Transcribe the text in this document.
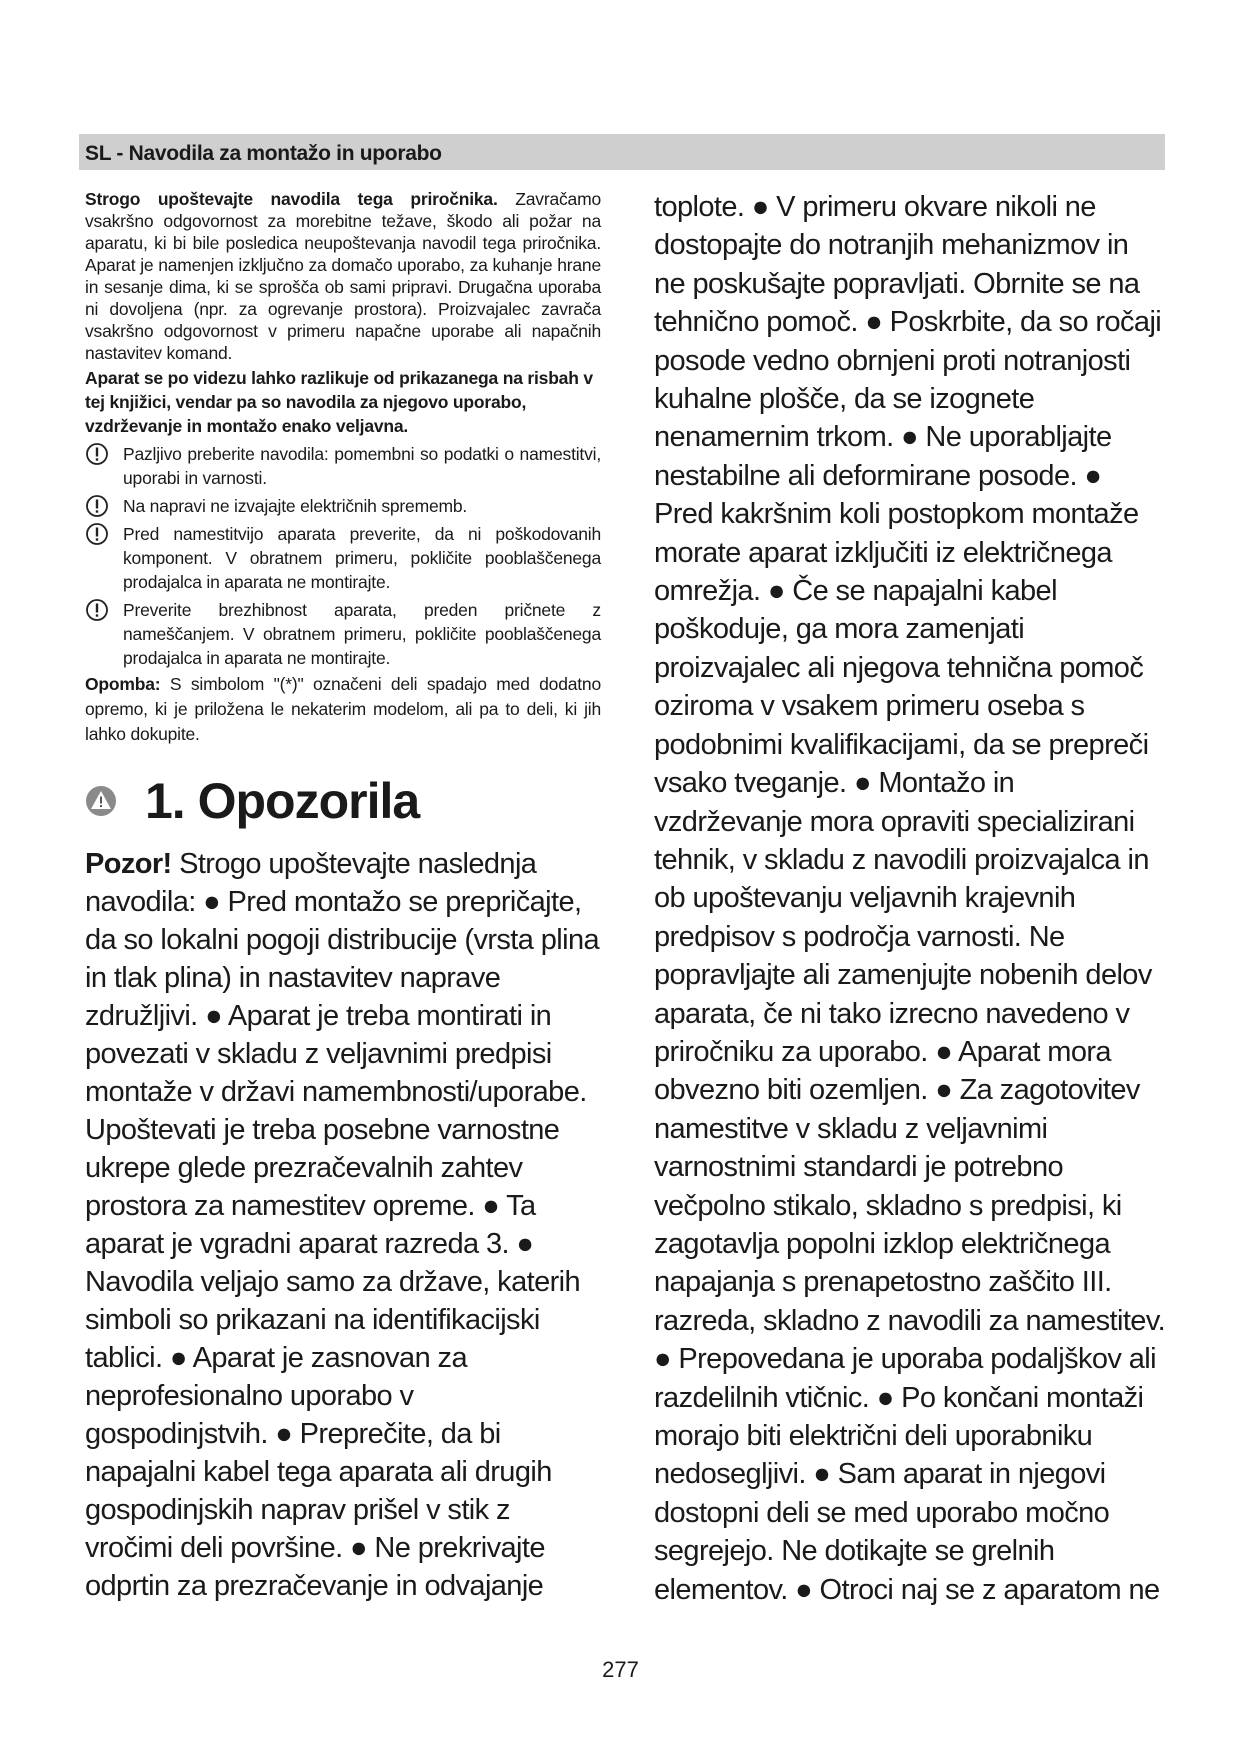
SL - Navodila za montažo in uporabo

Strogo upoštevajte navodila tega priročnika. Zavračamo vsakršno odgovornost za morebitne težave, škodo ali požar na aparatu, ki bi bile posledica neupoštevanja navodil tega priročnika. Aparat je namenjen izključno za domačo uporabo, za kuhanje hrane in sesanje dima, ki se sprošča ob sami pripravi. Drugačna uporaba ni dovoljena (npr. za ogrevanje prostora). Proizvajalec zavrača vsakršno odgovornost v primeru napačne uporabe ali napačnih nastavitev komand.

Aparat se po videzu lahko razlikuje od prikazanega na risbah v tej knjižici, vendar pa so navodila za njegovo uporabo, vzdrževanje in montažo enako veljavna.

Pazljivo preberite navodila: pomembni so podatki o namestitvi, uporabi in varnosti.

Na napravi ne izvajajte električnih sprememb.

Pred namestitvijo aparata preverite, da ni poškodovanih komponent. V obratnem primeru, pokličite pooblaščenega prodajalca in aparata ne montirajte.

Preverite brezhibnost aparata, preden pričnete z nameščanjem. V obratnem primeru, pokličite pooblaščenega prodajalca in aparata ne montirajte.

Opomba: S simbolom "(*)" označeni deli spadajo med dodatno opremo, ki je priložena le nekaterim modelom, ali pa to deli, ki jih lahko dokupite.

1. Opozorila

Pozor! Strogo upoštevajte naslednja navodila: ● Pred montažo se prepričajte, da so lokalni pogoji distribucije (vrsta plina in tlak plina) in nastavitev naprave združljivi. ● Aparat je treba montirati in povezati v skladu z veljavnimi predpisi montaže v državi namembnosti/uporabe. Upoštevati je treba posebne varnostne ukrepe glede prezračevalnih zahtev prostora za namestitev opreme. ● Ta aparat je vgradni aparat razreda 3. ● Navodila veljajo samo za države, katerih simboli so prikazani na identifikacijski tablici. ● Aparat je zasnovan za neprofesionalno uporabo v gospodinjstvih. ● Preprečite, da bi napajalni kabel tega aparata ali drugih gospodinjskih naprav prišel v stik z vročimi deli površine. ● Ne prekrivajte odprtin za prezračevanje in odvajanje

toplote. ● V primeru okvare nikoli ne dostopajte do notranjih mehanizmov in ne poskušajte popravljati. Obrnite se na tehnično pomoč. ● Poskrbite, da so ročaji posode vedno obrnjeni proti notranjosti kuhalne plošče, da se izognete nenamernim trkom. ● Ne uporabljajte nestabilne ali deformirane posode. ● Pred kakršnim koli postopkom montaže morate aparat izključiti iz električnega omrežja. ● Če se napajalni kabel poškoduje, ga mora zamenjati proizvajalec ali njegova tehnična pomoč oziroma v vsakem primeru oseba s podobnimi kvalifikacijami, da se prepreči vsako tveganje. ● Montažo in vzdrževanje mora opraviti specializirani tehnik, v skladu z navodili proizvajalca in ob upoštevanju veljavnih krajevnih predpisov s področja varnosti. Ne popravljajte ali zamenjujte nobenih delov aparata, če ni tako izrecno navedeno v priročniku za uporabo. ● Aparat mora obvezno biti ozemljen. ● Za zagotovitev namestitve v skladu z veljavnimi varnostnimi standardi je potrebno večpolno stikalo, skladno s predpisi, ki zagotavlja popolni izklop električnega napajanja s prenapetostno zaščito III. razreda, skladno z navodili za namestitev. ● Prepovedana je uporaba podaljškov ali razdelilnih vtičnic. ● Po končani montaži morajo biti električni deli uporabniku nedosegljivi. ● Sam aparat in njegovi dostopni deli se med uporabo močno segrejejo. Ne dotikajte se grelnih elementov. ● Otroci naj se z aparatom ne

277
